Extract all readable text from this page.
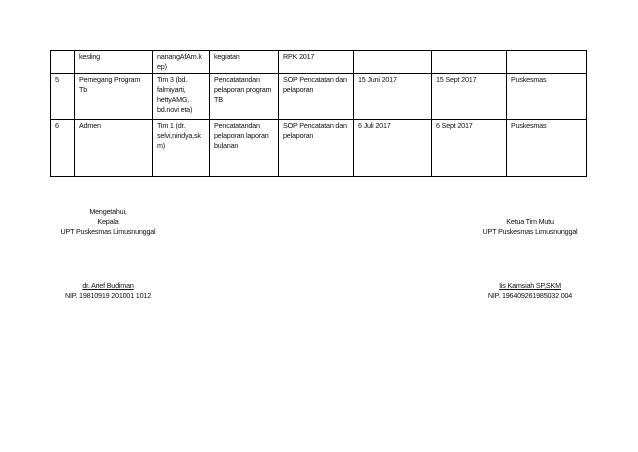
	kesling	nanangAfAm.k ep)	kegiatan	RPK 2017			
5	Pemegang Program Tb	Tim 3 (bd. falmiyarti, hettyAMG, bd.novi eta)	Pencatatandan pelaporan program TB	SOP Pencatatan dan pelaporan	15 Juni 2017	15 Sept 2017	Puskesmas
6	Admen	Tim 1 (dr. selvi,nindya,sk m)	Pencatatandan pelaporan laporan bulanan	SOP Pencatatan dan pelaporan	6 Juli 2017	6 Sept 2017	Puskesmas
Mengetahui,
Kepala
UPT Puskesmas Limusnunggal
dr. Arief Budiman
NIP. 19810919 201001 1012
Ketua Tim Mutu
UPT Puskesmas Limusnunggal
Iis Kamsiah SP,SKM
NIP. 196409261985032 004
